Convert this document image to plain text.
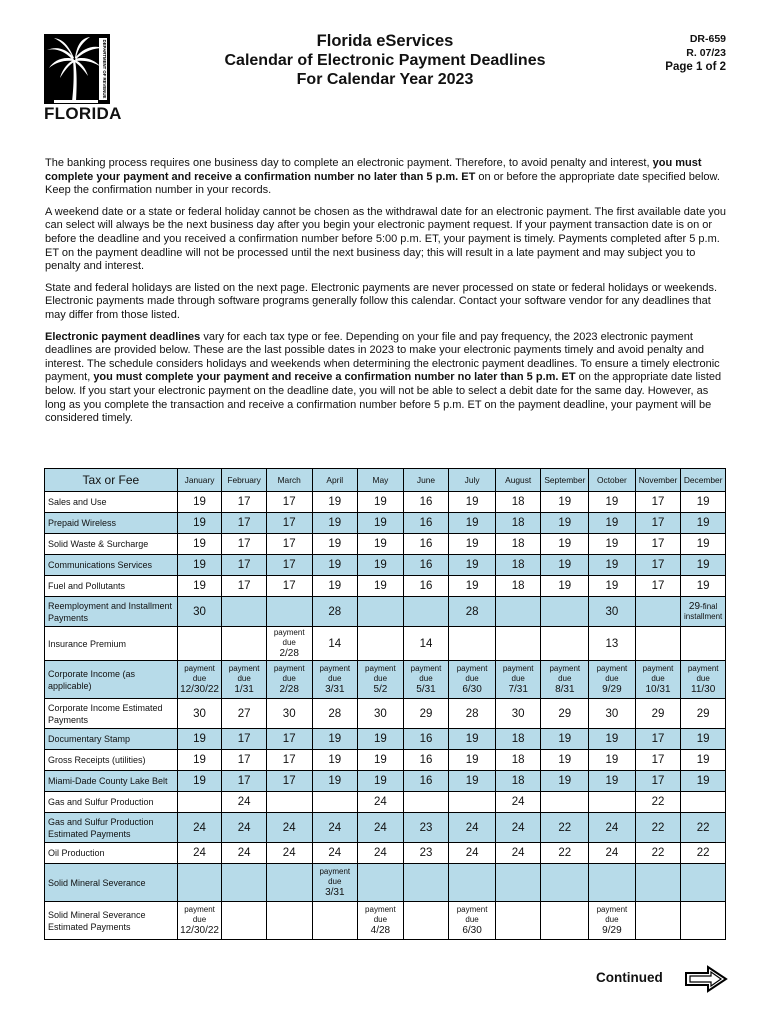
DEPARTMENT OF REVENUE
FLORIDA
Florida eServices
Calendar of Electronic Payment Deadlines
For Calendar Year 2023
DR-659
R. 07/23
Page 1 of 2

The banking process requires one business day to complete an electronic payment. Therefore, to avoid penalty and interest, you must complete your payment and receive a confirmation number no later than 5 p.m. ET on or before the appropriate date specified below. Keep the confirmation number in your records.

A weekend date or a state or federal holiday cannot be chosen as the withdrawal date for an electronic payment. The first available date you can select will always be the next business day after you begin your electronic payment request. If your payment transaction date is on or before the deadline and you received a confirmation number before 5:00 p.m. ET, your payment is timely. Payments completed after 5 p.m. ET on the payment deadline will not be processed until the next business day; this will result in a late payment and may subject you to penalty and interest.

State and federal holidays are listed on the next page. Electronic payments are never processed on state or federal holidays or weekends. Electronic payments made through software programs generally follow this calendar. Contact your software vendor for any deadlines that may differ from those listed.

Electronic payment deadlines vary for each tax type or fee. Depending on your file and pay frequency, the 2023 electronic payment deadlines are provided below. These are the last possible dates in 2023 to make your electronic payments timely and avoid penalty and interest. The schedule considers holidays and weekends when determining the electronic payment deadlines. To ensure a timely electronic payment, you must complete your payment and receive a confirmation number no later than 5 p.m. ET on the appropriate date listed below. If you start your electronic payment on the deadline date, you will not be able to select a debit date for the same day. However, as long as you complete the transaction and receive a confirmation number before 5 p.m. ET on the payment deadline, your payment will be considered timely.

Tax or Fee	January	February	March	April	May	June	July	August	September	October	November	December
Sales and Use	19	17	17	19	19	16	19	18	19	19	17	19
Prepaid Wireless	19	17	17	19	19	16	19	18	19	19	17	19
Solid Waste & Surcharge	19	17	17	19	19	16	19	18	19	19	17	19
Communications Services	19	17	17	19	19	16	19	18	19	19	17	19
Fuel and Pollutants	19	17	17	19	19	16	19	18	19	19	17	19
Reemployment and Installment Payments	30			28			28			30		29-final
installment

Insurance Premium			payment
due
2/28	14		14				13		
Corporate Income (as applicable)	payment
due
12/30/22	payment
due
1/31	payment
due
2/28	payment
due
3/31	payment
due
5/2	payment
due
5/31	payment
due
6/30	payment
due
7/31	payment
due
8/31	payment
due
9/29	payment
due
10/31	payment
due
11/30

Corporate Income Estimated Payments	30	27	30	28	30	29	28	30	29	30	29	29
Documentary Stamp	19	17	17	19	19	16	19	18	19	19	17	19
Gross Receipts (utilities)	19	17	17	19	19	16	19	18	19	19	17	19
Miami-Dade County Lake Belt	19	17	17	19	19	16	19	18	19	19	17	19
Gas and Sulfur Production		24			24			24			22	
Gas and Sulfur Production Estimated Payments	24	24	24	24	24	23	24	24	22	24	22	22
Oil Production	24	24	24	24	24	23	24	24	22	24	22	22
Solid Mineral Severance				payment
due
3/31								

Solid Mineral Severance Estimated Payments	payment
due
12/30/22				payment
due
4/28		payment
due
6/30			payment
due
9/29		

Continued
